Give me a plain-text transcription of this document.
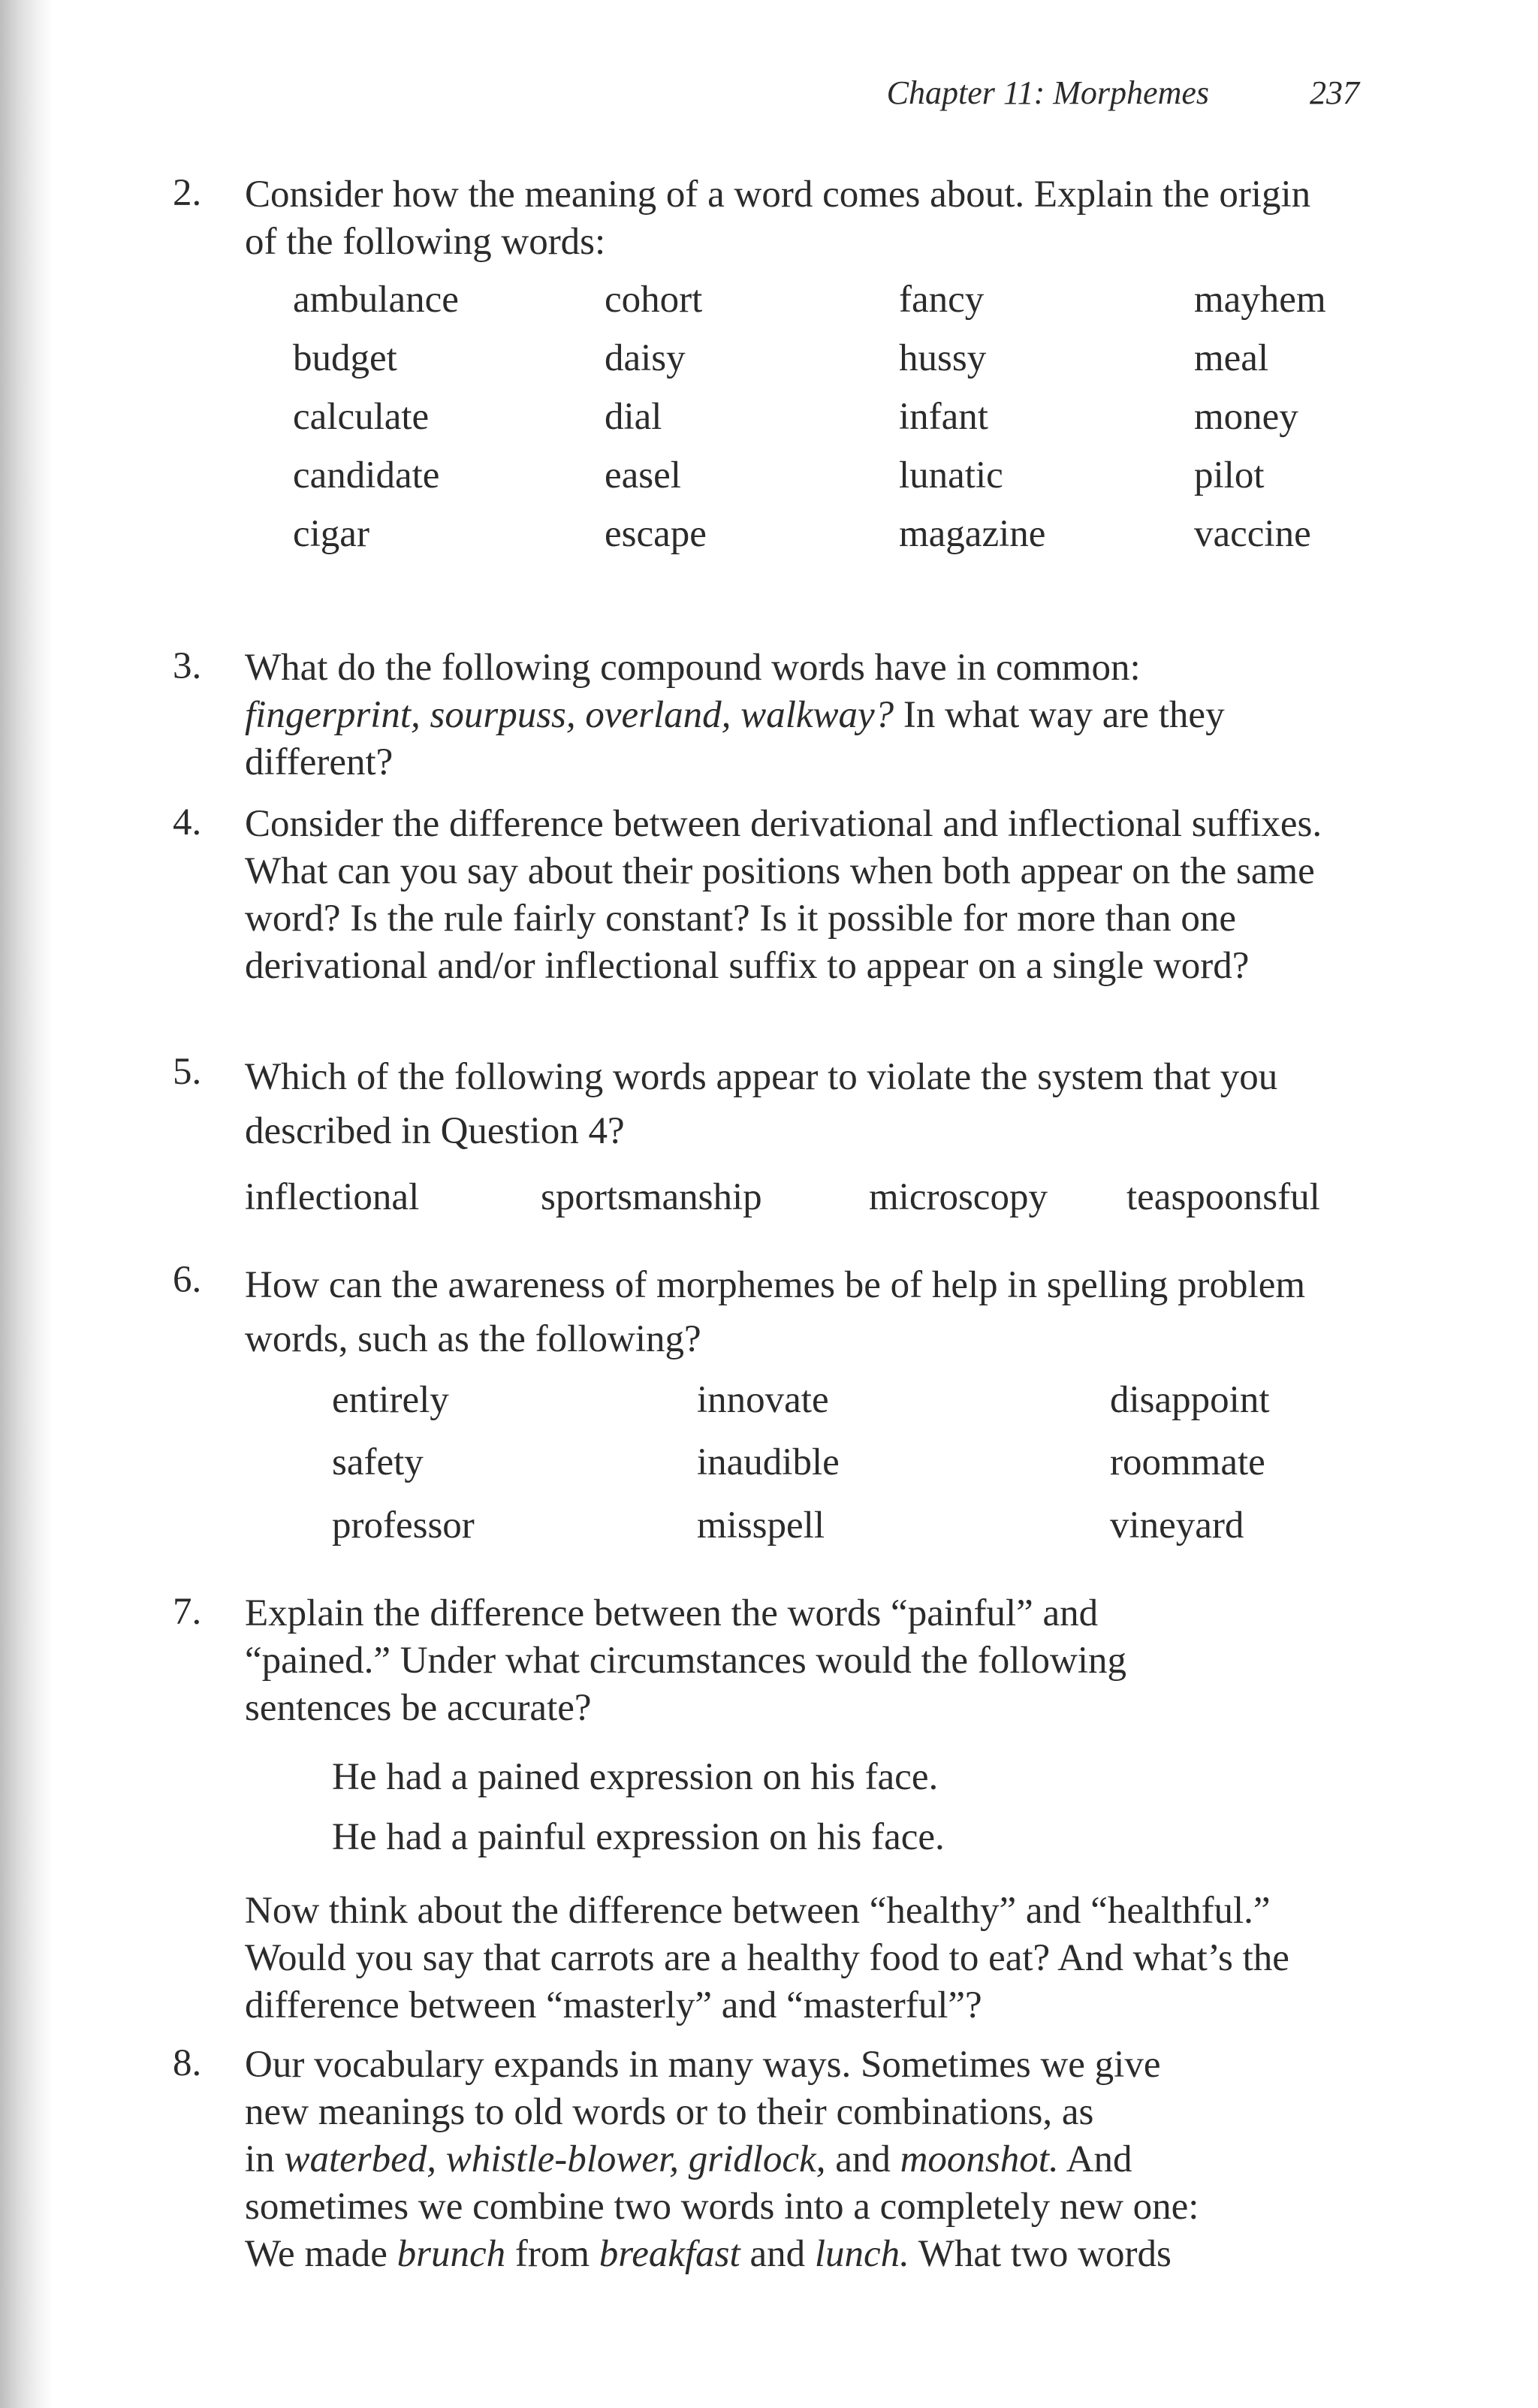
Chapter 11: Morphemes	237
2. Consider how the meaning of a word comes about. Explain the origin of the following words:
ambulance	cohort	fancy	mayhem
budget	daisy	hussy	meal
calculate	dial	infant	money
candidate	easel	lunatic	pilot
cigar	escape	magazine	vaccine
3. What do the following compound words have in common:
fingerprint, sourpuss, overland, walkway? In what way are they
different?
4. Consider the difference between derivational and inflectional suffixes. What can you say about their positions when both appear on the same word? Is the rule fairly constant? Is it possible for more than one derivational and/or inflectional suffix to appear on a single word?
5. Which of the following words appear to violate the system that you described in Question 4?
inflectional	sportsmanship	microscopy teaspoonsful
6. How can the awareness of morphemes be of help in spelling problem words, such as the following?
entirely	innovate	disappoint
safety	inaudible	roommate
professor	misspell	vineyard
7. Explain the difference between the words “painful” and “pained.” Under what circumstances would the following sentences be accurate?
He had a pained expression on his face.
He had a painful expression on his face.
Now think about the difference between “healthy” and “healthful.” Would you say that carrots are a healthy food to eat? And what’s the difference between “masterly” and “masterful”?
8. Our vocabulary expands in many ways. Sometimes we give
new meanings to old words or to their combinations, as
in waterbed, whistle-blower, gridlock, and moonshot. And
sometimes we combine two words into a completely new one:
We made brunch from breakfast and lunch. What two words
